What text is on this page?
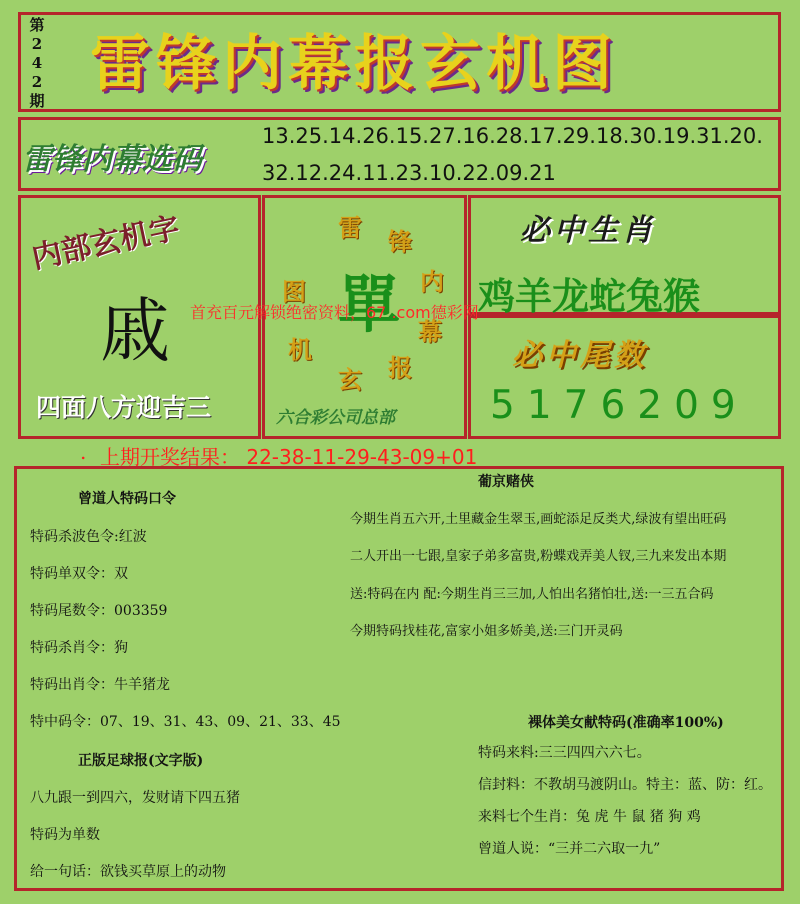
第
2
4
2
期
雷锋内幕报玄机图
雷锋内幕选码
13.25.14.26.15.27.16.28.17.29.18.30.19.31.20.
32.12.24.11.23.10.22.09.21
内部玄机字
戚
四面八方迎吉三
雷 锋
内
幕
报
玄
机
图 單
六合彩公司总部
必中生肖
鸡羊龙蛇兔猴
必中尾数
5176209
首充百元解锁绝密资料，67 .com德彩网
. 上期开奖结果： 22-38-11-29-43-09+01
曾道人特码口令
特码杀波色令:红波
特码单双令：双
特码尾数令：003359
特码杀肖令：狗
特码出肖令：牛羊猪龙
特中码令：07、19、31、43、09、21、33、45
正版足球报(文字版)
八九跟一到四六，发财请下四五猪
特码为单数
给一句话：欲钱买草原上的动物
葡京赌侠
今期生肖五六开,土里藏金生翠玉,画蛇添足反类犬,绿波有望出旺码
二人开出一七跟,皇家子弟多富贵,粉蝶戏弄美人钗,三九来发出本期
送:特码在内 配:今期生肖三三加,人怕出名猪怕壮,送:一三五合码
今期特码找桂花,富家小姐多娇美,送:三门开灵码
裸体美女献特码(准确率100%)
特码来料:三三四四六六七。
信封料：不教胡马渡阴山。特主：蓝、防：红。
来料七个生肖：兔 虎 牛 鼠 猪 狗 鸡
曾道人说：“三并二六取一九”
